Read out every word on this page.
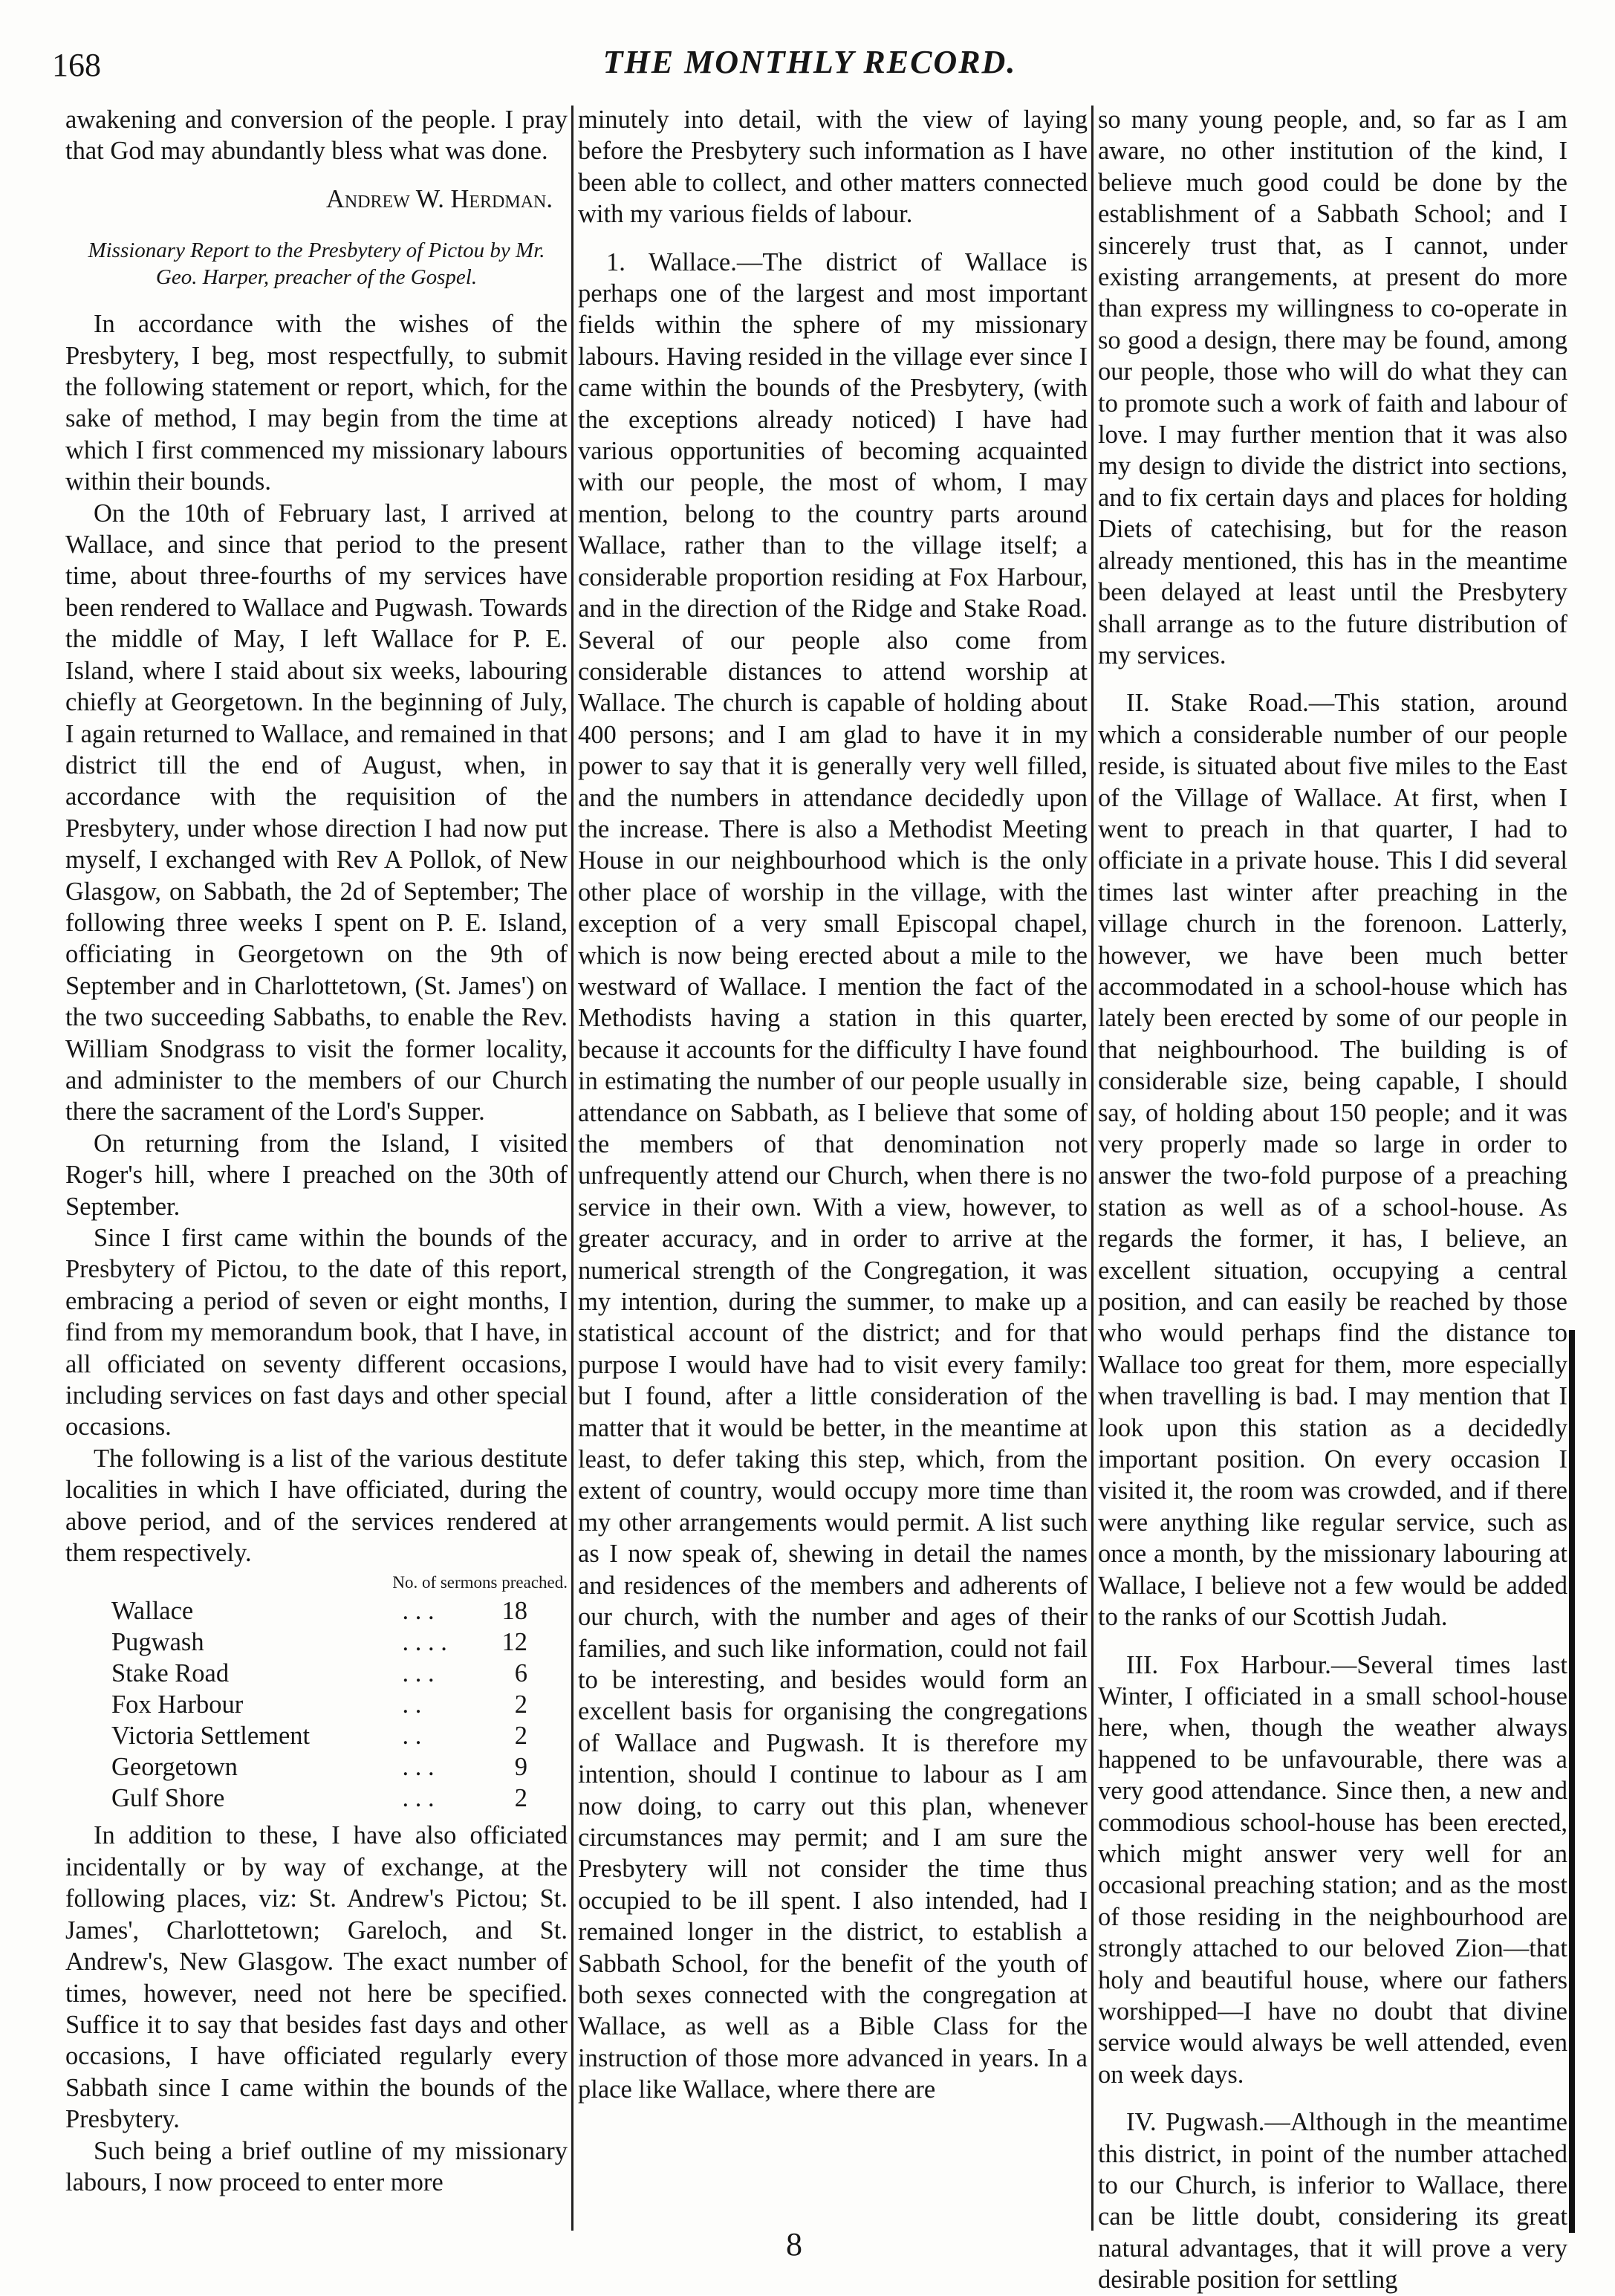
168	THE MONTHLY RECORD.

awakening and conversion of the people. I pray that God may abundantly bless what was done.

Andrew W. Herdman.

Missionary Report to the Presbytery of Pictou by Mr. Geo. Harper, preacher of the Gospel.

In accordance with the wishes of the Presbytery, I beg, most respectfully, to submit the following statement or report, which, for the sake of method, I may begin from the time at which I first commenced my missionary labours within their bounds.

On the 10th of February last, I arrived at Wallace, and since that period to the present time, about three-fourths of my services have been rendered to Wallace and Pugwash. Towards the middle of May, I left Wallace for P. E. Island, where I staid about six weeks, labouring chiefly at Georgetown. In the beginning of July, I again returned to Wallace, and remained in that district till the end of August, when, in accordance with the requisition of the Presbytery, under whose direction I had now put myself, I exchanged with Rev A Pollok, of New Glasgow, on Sabbath, the 2d of September; The following three weeks I spent on P. E. Island, officiating in Georgetown on the 9th of September and in Charlottetown, (St. James') on the two succeeding Sabbaths, to enable the Rev. William Snodgrass to visit the former locality, and administer to the members of our Church there the sacrament of the Lord's Supper.

On returning from the Island, I visited Roger's hill, where I preached on the 30th of September.

Since I first came within the bounds of the Presbytery of Pictou, to the date of this report, embracing a period of seven or eight months, I find from my memorandum book, that I have, in all officiated on seventy different occasions, including services on fast days and other special occasions.

The following is a list of the various destitute localities in which I have officiated, during the above period, and of the services rendered at them respectively.

No. of sermons preached.
Wallace	. . .	18
Pugwash	. . . .	12
Stake Road	. . .	6
Fox Harbour	. .	2
Victoria Settlement	. .	2
Georgetown	. . .	9
Gulf Shore	. . .	2

In addition to these, I have also officiated incidentally or by way of exchange, at the following places, viz: St. Andrew's Pictou; St. James', Charlottetown; Gareloch, and St. Andrew's, New Glasgow. The exact number of times, however, need not here be specified. Suffice it to say that besides fast days and other occasions, I have officiated regularly every Sabbath since I came within the bounds of the Presbytery.

Such being a brief outline of my missionary labours, I now proceed to enter more

minutely into detail, with the view of laying before the Presbytery such information as I have been able to collect, and other matters connected with my various fields of labour.

1. Wallace.—The district of Wallace is perhaps one of the largest and most important fields within the sphere of my missionary labours. Having resided in the village ever since I came within the bounds of the Presbytery, (with the exceptions already noticed) I have had various opportunities of becoming acquainted with our people, the most of whom, I may mention, belong to the country parts around Wallace, rather than to the village itself; a considerable proportion residing at Fox Harbour, and in the direction of the Ridge and Stake Road. Several of our people also come from considerable distances to attend worship at Wallace. The church is capable of holding about 400 persons; and I am glad to have it in my power to say that it is generally very well filled, and the numbers in attendance decidedly upon the increase. There is also a Methodist Meeting House in our neighbourhood which is the only other place of worship in the village, with the exception of a very small Episcopal chapel, which is now being erected about a mile to the westward of Wallace. I mention the fact of the Methodists having a station in this quarter, because it accounts for the difficulty I have found in estimating the number of our people usually in attendance on Sabbath, as I believe that some of the members of that denomination not unfrequently attend our Church, when there is no service in their own. With a view, however, to greater accuracy, and in order to arrive at the numerical strength of the Congregation, it was my intention, during the summer, to make up a statistical account of the district; and for that purpose I would have had to visit every family: but I found, after a little consideration of the matter that it would be better, in the meantime at least, to defer taking this step, which, from the extent of country, would occupy more time than my other arrangements would permit. A list such as I now speak of, shewing in detail the names and residences of the members and adherents of our church, with the number and ages of their families, and such like information, could not fail to be interesting, and besides would form an excellent basis for organising the congregations of Wallace and Pugwash. It is therefore my intention, should I continue to labour as I am now doing, to carry out this plan, whenever circumstances may permit; and I am sure the Presbytery will not consider the time thus occupied to be ill spent. I also intended, had I remained longer in the district, to establish a Sabbath School, for the benefit of the youth of both sexes connected with the congregation at Wallace, as well as a Bible Class for the instruction of those more advanced in years. In a place like Wallace, where there are

so many young people, and, so far as I am aware, no other institution of the kind, I believe much good could be done by the establishment of a Sabbath School; and I sincerely trust that, as I cannot, under existing arrangements, at present do more than express my willingness to co-operate in so good a design, there may be found, among our people, those who will do what they can to promote such a work of faith and labour of love. I may further mention that it was also my design to divide the district into sections, and to fix certain days and places for holding Diets of catechising, but for the reason already mentioned, this has in the meantime been delayed at least until the Presbytery shall arrange as to the future distribution of my services.

II. Stake Road.—This station, around which a considerable number of our people reside, is situated about five miles to the East of the Village of Wallace. At first, when I went to preach in that quarter, I had to officiate in a private house. This I did several times last winter after preaching in the village church in the forenoon. Latterly, however, we have been much better accommodated in a school-house which has lately been erected by some of our people in that neighbourhood. The building is of considerable size, being capable, I should say, of holding about 150 people; and it was very properly made so large in order to answer the two-fold purpose of a preaching station as well as of a school-house. As regards the former, it has, I believe, an excellent situation, occupying a central position, and can easily be reached by those who would perhaps find the distance to Wallace too great for them, more especially when travelling is bad. I may mention that I look upon this station as a decidedly important position. On every occasion I visited it, the room was crowded, and if there were anything like regular service, such as once a month, by the missionary labouring at Wallace, I believe not a few would be added to the ranks of our Scottish Judah.

III. Fox Harbour.—Several times last Winter, I officiated in a small school-house here, when, though the weather always happened to be unfavourable, there was a very good attendance. Since then, a new and commodious school-house has been erected, which might answer very well for an occasional preaching station; and as the most of those residing in the neighbourhood are strongly attached to our beloved Zion—that holy and beautiful house, where our fathers worshipped—I have no doubt that divine service would always be well attended, even on week days.

IV. Pugwash.—Although in the meantime this district, in point of the number attached to our Church, is inferior to Wallace, there can be little doubt, considering its great natural advantages, that it will prove a very desirable position for settling

8
